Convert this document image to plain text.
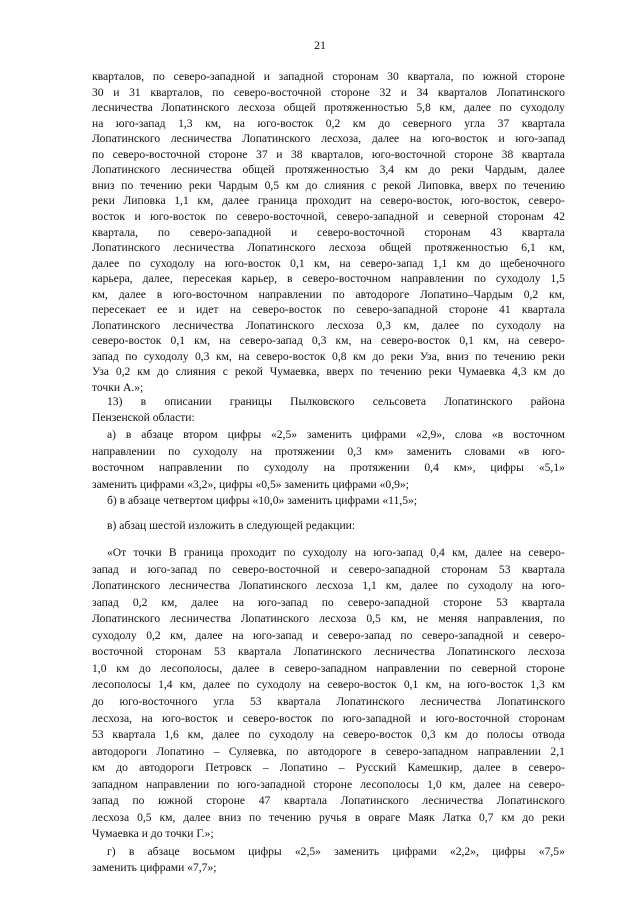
21
кварталов, по северо-западной и западной сторонам 30 квартала, по южной стороне
30 и 31 кварталов, по северо-восточной стороне 32 и 34 кварталов Лопатинского
лесничества Лопатинского лесхоза общей протяженностью 5,8 км, далее по суходолу
на юго-запад 1,3 км, на юго-восток 0,2 км до северного угла 37 квартала
Лопатинского лесничества Лопатинского лесхоза, далее на юго-восток и юго-запад
по северо-восточной стороне 37 и 38 кварталов, юго-восточной стороне 38 квартала
Лопатинского лесничества общей протяженностью 3,4 км до реки Чардым, далее
вниз по течению реки Чардым 0,5 км до слияния с рекой Липовка, вверх по течению
реки Липовка 1,1 км, далее граница проходит на северо-восток, юго-восток, северо-
восток и юго-восток по северо-восточной, северо-западной и северной сторонам 42
квартала, по северо-западной и северо-восточной сторонам 43 квартала
Лопатинского лесничества Лопатинского лесхоза общей протяженностью 6,1 км,
далее по суходолу на юго-восток 0,1 км, на северо-запад 1,1 км до щебеночного
карьера, далее, пересекая карьер, в северо-восточном направлении по суходолу 1,5
км, далее в юго-восточном направлении по автодороге Лопатино–Чардым 0,2 км,
пересекает ее и идет на северо-восток по северо-западной стороне 41 квартала
Лопатинского лесничества Лопатинского лесхоза 0,3 км, далее по суходолу на
северо-восток 0,1 км, на северо-запад 0,3 км, на северо-восток 0,1 км, на северо-
запад по суходолу 0,3 км, на северо-восток 0,8 км до реки Уза, вниз по течению реки
Уза 0,2 км до слияния с рекой Чумаевка, вверх по течению реки Чумаевка 4,3 км до
точки А.»;
13) в описании границы Пылковского сельсовета Лопатинского района
Пензенской области:
а) в абзаце втором цифры «2,5» заменить цифрами «2,9», слова «в восточном
направлении по суходолу на протяжении 0,3 км» заменить словами «в юго-
восточном направлении по суходолу на протяжении 0,4 км», цифры «5,1»
заменить цифрами «3,2», цифры «0,5» заменить цифрами «0,9»;
б) в абзаце четвертом цифры «10,0» заменить цифрами «11,5»;
в) абзац шестой изложить в следующей редакции:
«От точки В граница проходит по суходолу на юго-запад 0,4 км, далее на северо-
запад и юго-запад по северо-восточной и северо-западной сторонам 53 квартала
Лопатинского лесничества Лопатинского лесхоза 1,1 км, далее по суходолу на юго-
запад 0,2 км, далее на юго-запад по северо-западной стороне 53 квартала
Лопатинского лесничества Лопатинского лесхоза 0,5 км, не меняя направления, по
суходолу 0,2 км, далее на юго-запад и северо-запад по северо-западной и северо-
восточной сторонам 53 квартала Лопатинского лесничества Лопатинского лесхоза
1,0 км до лесополосы, далее в северо-западном направлении по северной стороне
лесополосы 1,4 км, далее по суходолу на северо-восток 0,1 км, на юго-восток 1,3 км
до юго-восточного угла 53 квартала Лопатинского лесничества Лопатинского
лесхоза, на юго-восток и северо-восток по юго-западной и юго-восточной сторонам
53 квартала 1,6 км, далее по суходолу на северо-восток 0,3 км до полосы отвода
автодороги Лопатино – Суляевка, по автодороге в северо-западном направлении 2,1
км до автодороги Петровск – Лопатино – Русский Камешкир, далее в северо-
западном направлении по юго-западной стороне лесополосы 1,0 км, далее на северо-
запад по южной стороне 47 квартала Лопатинского лесничества Лопатинского
лесхоза 0,5 км, далее вниз по течению ручья в овраге Маяк Латка 0,7 км до реки
Чумаевка и до точки Г.»;
г) в абзаце восьмом цифры «2,5» заменить цифрами «2,2», цифры «7,5»
заменить цифрами «7,7»;
